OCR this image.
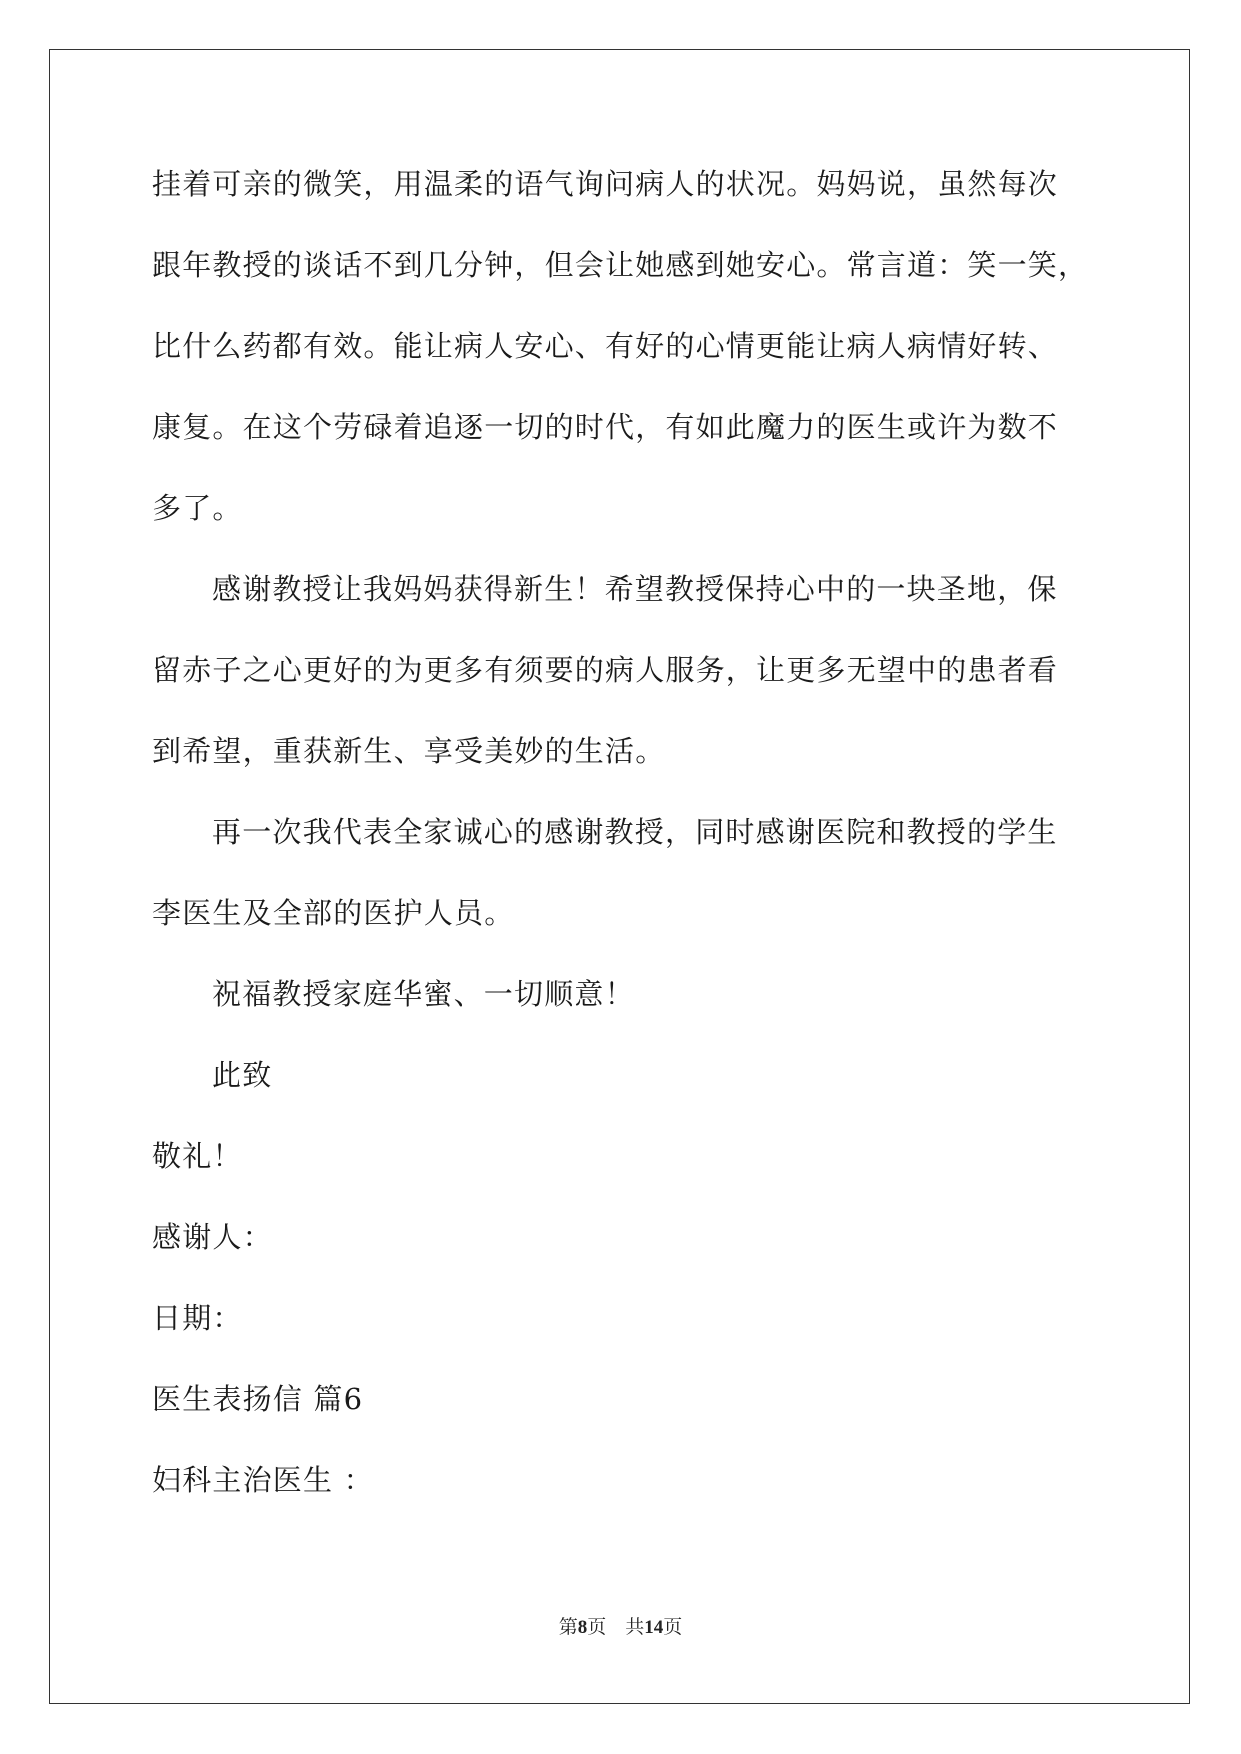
挂着可亲的微笑，用温柔的语气询问病人的状况。妈妈说，虽然每次
跟年教授的谈话不到几分钟，但会让她感到她安心。常言道：笑一笑，
比什么药都有效。能让病人安心、有好的心情更能让病人病情好转、
康复。在这个劳碌着追逐一切的时代，有如此魔力的医生或许为数不
多了。
感谢教授让我妈妈获得新生！希望教授保持心中的一块圣地，保
留赤子之心更好的为更多有须要的病人服务，让更多无望中的患者看
到希望，重获新生、享受美妙的生活。
再一次我代表全家诚心的感谢教授，同时感谢医院和教授的学生
李医生及全部的医护人员。
祝福教授家庭华蜜、一切顺意！
此致
敬礼！
感谢人：
日期：
医生表扬信 篇6
妇科主治医生 ：
第8页 共14页
